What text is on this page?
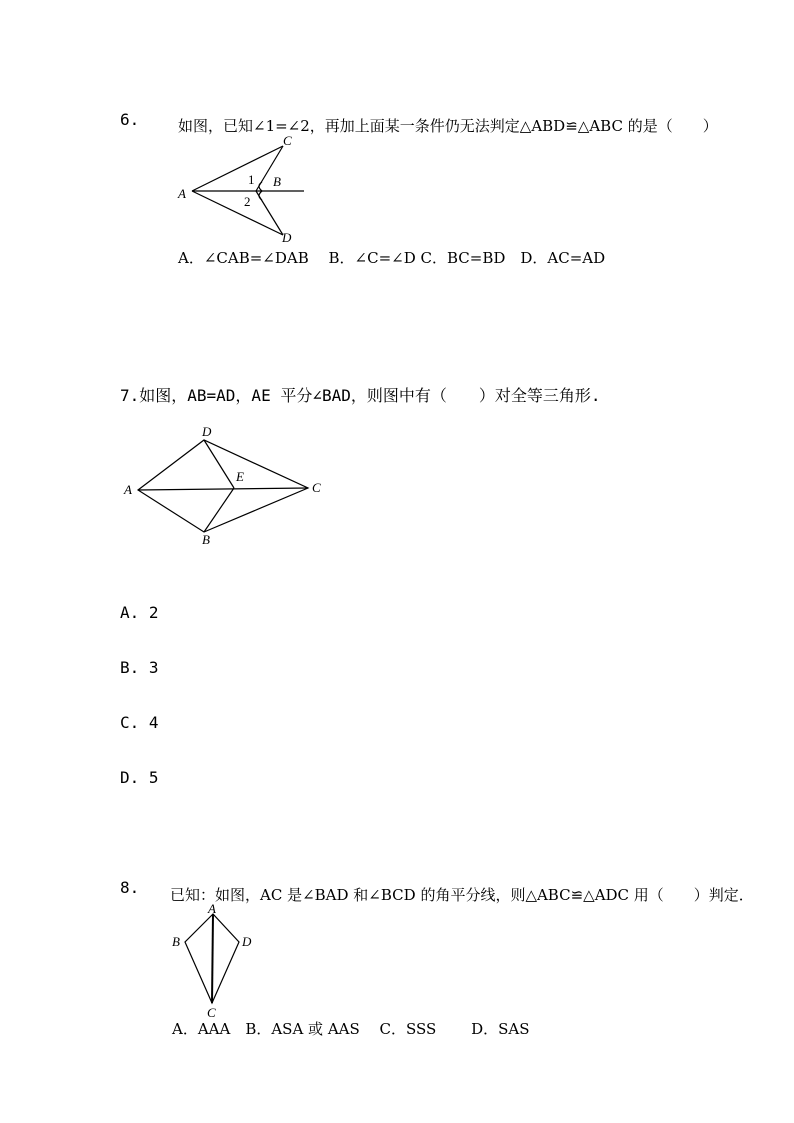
6.	如图，已知∠1=∠2，再加上面某一条件仍无法判定△ABD≌△ABC 的是（　　）
A
B
C
D
1
2
A．∠CAB=∠DAB　 B．∠C=∠D C．BC=BD　D．AC=AD
7.如图，AB=AD，AE 平分∠BAD，则图中有（　　）对全等三角形.
A
B
C
D
E
A. 2
B. 3
C. 4
D. 5
8. 已知：如图，AC 是∠BAD 和∠BCD 的角平分线，则△ABC≌△ADC 用（　　）判定．
A
B
C
D
A．AAA　B．ASA 或 AAS　 C．SSS　　 D．SAS
